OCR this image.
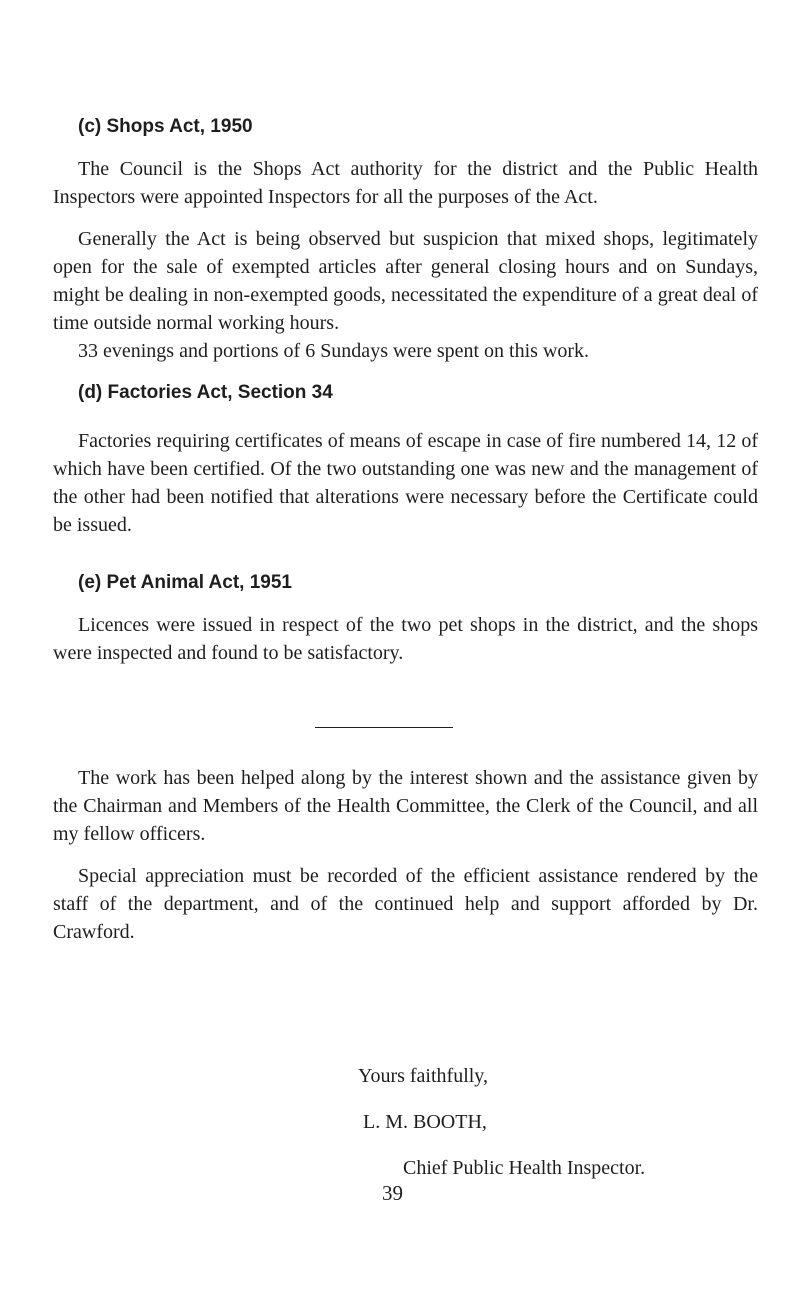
(c) Shops Act, 1950

The Council is the Shops Act authority for the district and the Public Health Inspectors were appointed Inspectors for all the purposes of the Act.

Generally the Act is being observed but suspicion that mixed shops, legitimately open for the sale of exempted articles after general closing hours and on Sundays, might be dealing in non-exempted goods, necessitated the expenditure of a great deal of time outside normal working hours.

33 evenings and portions of 6 Sundays were spent on this work.

(d) Factories Act, Section 34

Factories requiring certificates of means of escape in case of fire numbered 14, 12 of which have been certified. Of the two outstanding one was new and the management of the other had been notified that alterations were necessary before the Certificate could be issued.

(e) Pet Animal Act, 1951

Licences were issued in respect of the two pet shops in the district, and the shops were inspected and found to be satisfactory.

The work has been helped along by the interest shown and the assistance given by the Chairman and Members of the Health Committee, the Clerk of the Council, and all my fellow officers.

Special appreciation must be recorded of the efficient assistance rendered by the staff of the department, and of the continued help and support afforded by Dr. Crawford.

Yours faithfully,

L. M. BOOTH,

Chief Public Health Inspector.

39
